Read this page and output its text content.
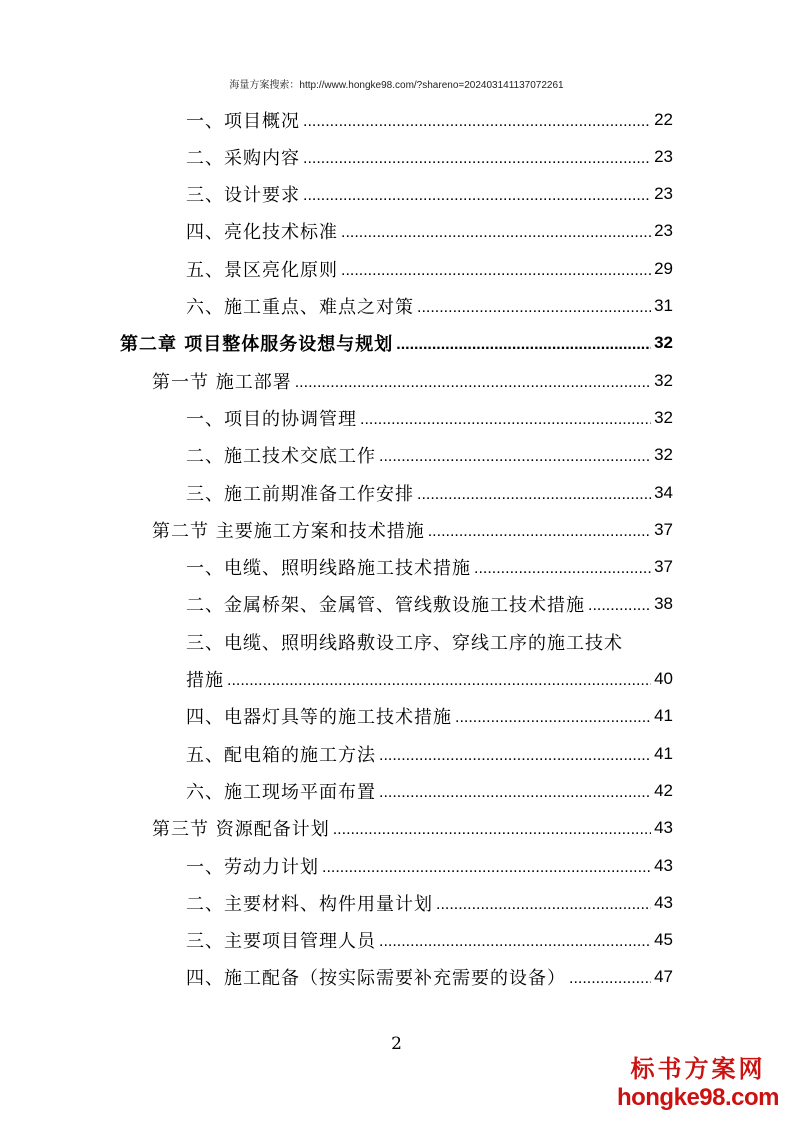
海量方案搜索：http://www.hongke98.com/?shareno=20240314113707226​1
一、项目概况 .....	22
二、采购内容 .....	23
三、设计要求 .....	23
四、亮化技术标准 .....	23
五、景区亮化原则 .....	29
六、施工重点、难点之对策 .....	31
第二章 项目整体服务设想与规划 .....	32
第一节 施工部署 .....	32
一、项目的协调管理 .....	32
二、施工技术交底工作 .....	32
三、施工前期准备工作安排 .....	34
第二节 主要施工方案和技术措施 .....	37
一、电缆、照明线路施工技术措施 .....	37
二、金属桥架、金属管、管线敷设施工技术措施 .....	38
三、电缆、照明线路敷设工序、穿线工序的施工技术
措施 .....	40
四、电器灯具等的施工技术措施 .....	41
五、配电箱的施工方法 .....	41
六、施工现场平面布置 .....	42
第三节 资源配备计划 .....	43
一、劳动力计划 .....	43
二、主要材料、构件用量计划 .....	43
三、主要项目管理人员 .....	45
四、施工配备（按实际需要补充需要的设备） .....	47
2
标书方案网
hongke98.com
